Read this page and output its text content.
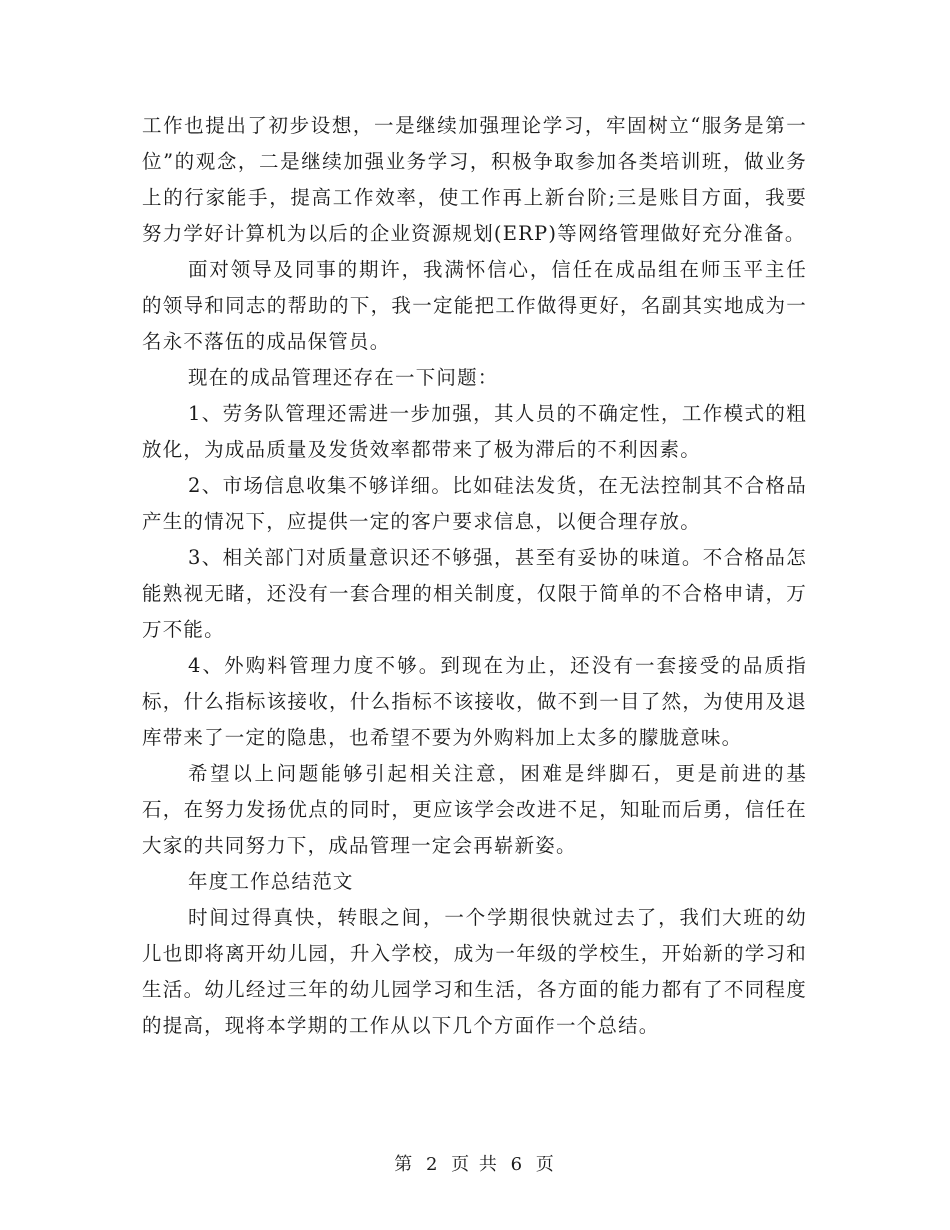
工作也提出了初步设想，一是继续加强理论学习，牢固树立“服务是第一位”的观念，二是继续加强业务学习，积极争取参加各类培训班，做业务上的行家能手，提高工作效率，使工作再上新台阶;三是账目方面，我要努力学好计算机为以后的企业资源规划(ERP)等网络管理做好充分准备。

面对领导及同事的期许，我满怀信心，信任在成品组在师玉平主任的领导和同志的帮助的下，我一定能把工作做得更好，名副其实地成为一名永不落伍的成品保管员。

现在的成品管理还存在一下问题：

1、劳务队管理还需进一步加强，其人员的不确定性，工作模式的粗放化，为成品质量及发货效率都带来了极为滞后的不利因素。

2、市场信息收集不够详细。比如硅法发货，在无法控制其不合格品产生的情况下，应提供一定的客户要求信息，以便合理存放。

3、相关部门对质量意识还不够强，甚至有妥协的味道。不合格品怎能熟视无睹，还没有一套合理的相关制度，仅限于简单的不合格申请，万万不能。

4、外购料管理力度不够。到现在为止，还没有一套接受的品质指标，什么指标该接收，什么指标不该接收，做不到一目了然，为使用及退库带来了一定的隐患，也希望不要为外购料加上太多的朦胧意味。

希望以上问题能够引起相关注意，困难是绊脚石，更是前进的基石，在努力发扬优点的同时，更应该学会改进不足，知耻而后勇，信任在大家的共同努力下，成品管理一定会再崭新姿。

年度工作总结范文

时间过得真快，转眼之间，一个学期很快就过去了，我们大班的幼儿也即将离开幼儿园，升入学校，成为一年级的学校生，开始新的学习和生活。幼儿经过三年的幼儿园学习和生活，各方面的能力都有了不同程度的提高，现将本学期的工作从以下几个方面作一个总结。

第 2 页 共 6 页
